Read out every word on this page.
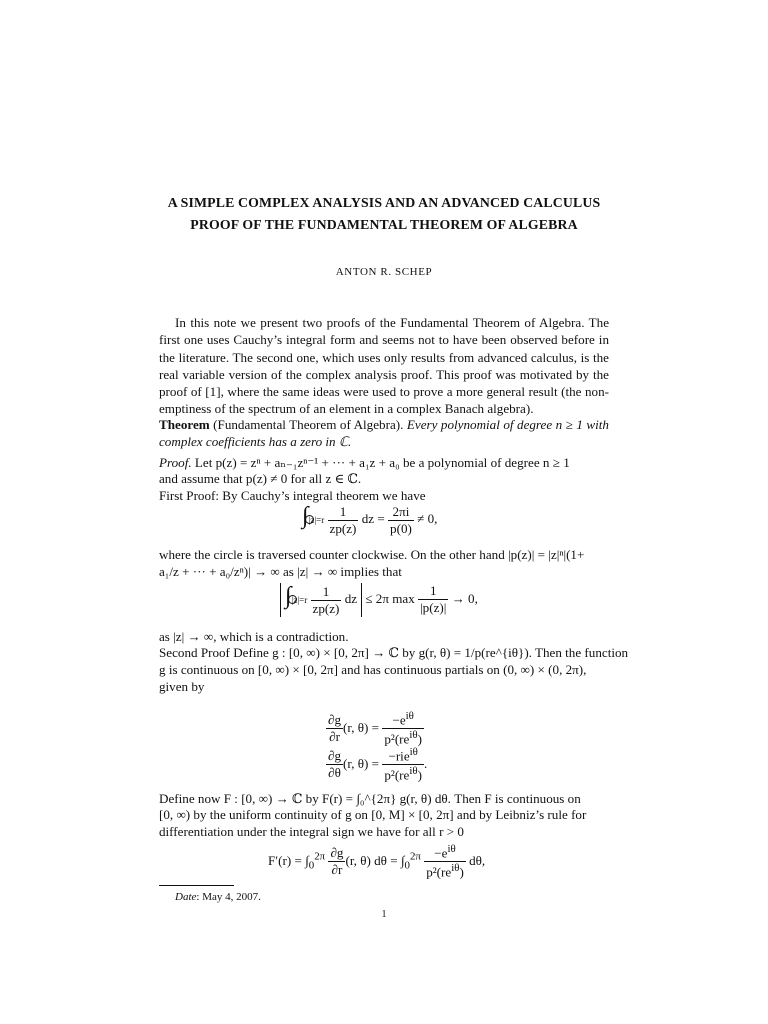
A SIMPLE COMPLEX ANALYSIS AND AN ADVANCED CALCULUS PROOF OF THE FUNDAMENTAL THEOREM OF ALGEBRA
ANTON R. SCHEP
In this note we present two proofs of the Fundamental Theorem of Algebra. The first one uses Cauchy’s integral form and seems not to have been observed before in the literature. The second one, which uses only results from advanced calculus, is the real variable version of the complex analysis proof. This proof was motivated by the proof of [1], where the same ideas were used to prove a more general result (the non-emptiness of the spectrum of an element in a complex Banach algebra).
Theorem (Fundamental Theorem of Algebra). Every polynomial of degree n ≥ 1 with complex coefficients has a zero in ℂ.
Proof. Let p(z) = zⁿ + aₙ₋₁zⁿ⁻¹ + ··· + a₁z + a₀ be a polynomial of degree n ≥ 1
and assume that p(z) ≠ 0 for all z ∈ ℂ.
First Proof: By Cauchy’s integral theorem we have
$\int|z|=r \frac{1}{zp(z)}$ dz = $\frac{2\pi i}{p(0)} \ne 0$,
where the circle is traversed counter clockwise. On the other hand |p(z)| = |z|ⁿ|(1+
a₁/z + ··· + a₀/zⁿ)| → ∞ as |z| → ∞ implies that
$\int|z|=r \frac{1}{zp(z)}$ dz ≤ 2π $\max \frac{1}{|p(z)|} \to 0$,
as |z| → ∞, which is a contradiction.
Second Proof Define g : [0, ∞) × [0, 2π] → ℂ by g(r, θ) = 1/p(re^{iθ}). Then the function
g is continuous on [0, ∞) × [0, 2π] and has continuous partials on (0, ∞) × (0, 2π),
given by
$\frac{\partial g}{\partial r} (r$, $\theta) = \frac{-e^{i\theta}}{p^2(re^{i\theta})}$
$\frac{\partial g}{\partial\theta} (r$, $\theta) = \frac{-rie^{i\theta}}{p^2(re^{i\theta})}$ .
Define now F : [0, ∞) → ℂ by F(r) = ∫₀^{2π} g(r, θ) dθ. Then F is continuous on
[0, ∞) by the uniform continuity of g on [0, M] × [0, 2π] and by Leibniz’s rule for
differentiation under the integral sign we have for all r > 0
$F'(r) = \int_0^{2\pi} \frac{\partial g}{\partial r} (r$, θ) $d\theta = \int_0^{2\pi} \frac{-e^{i\theta}}{p^2(re^{i\theta})} d\theta$,
Date: May 4, 2007.
1
